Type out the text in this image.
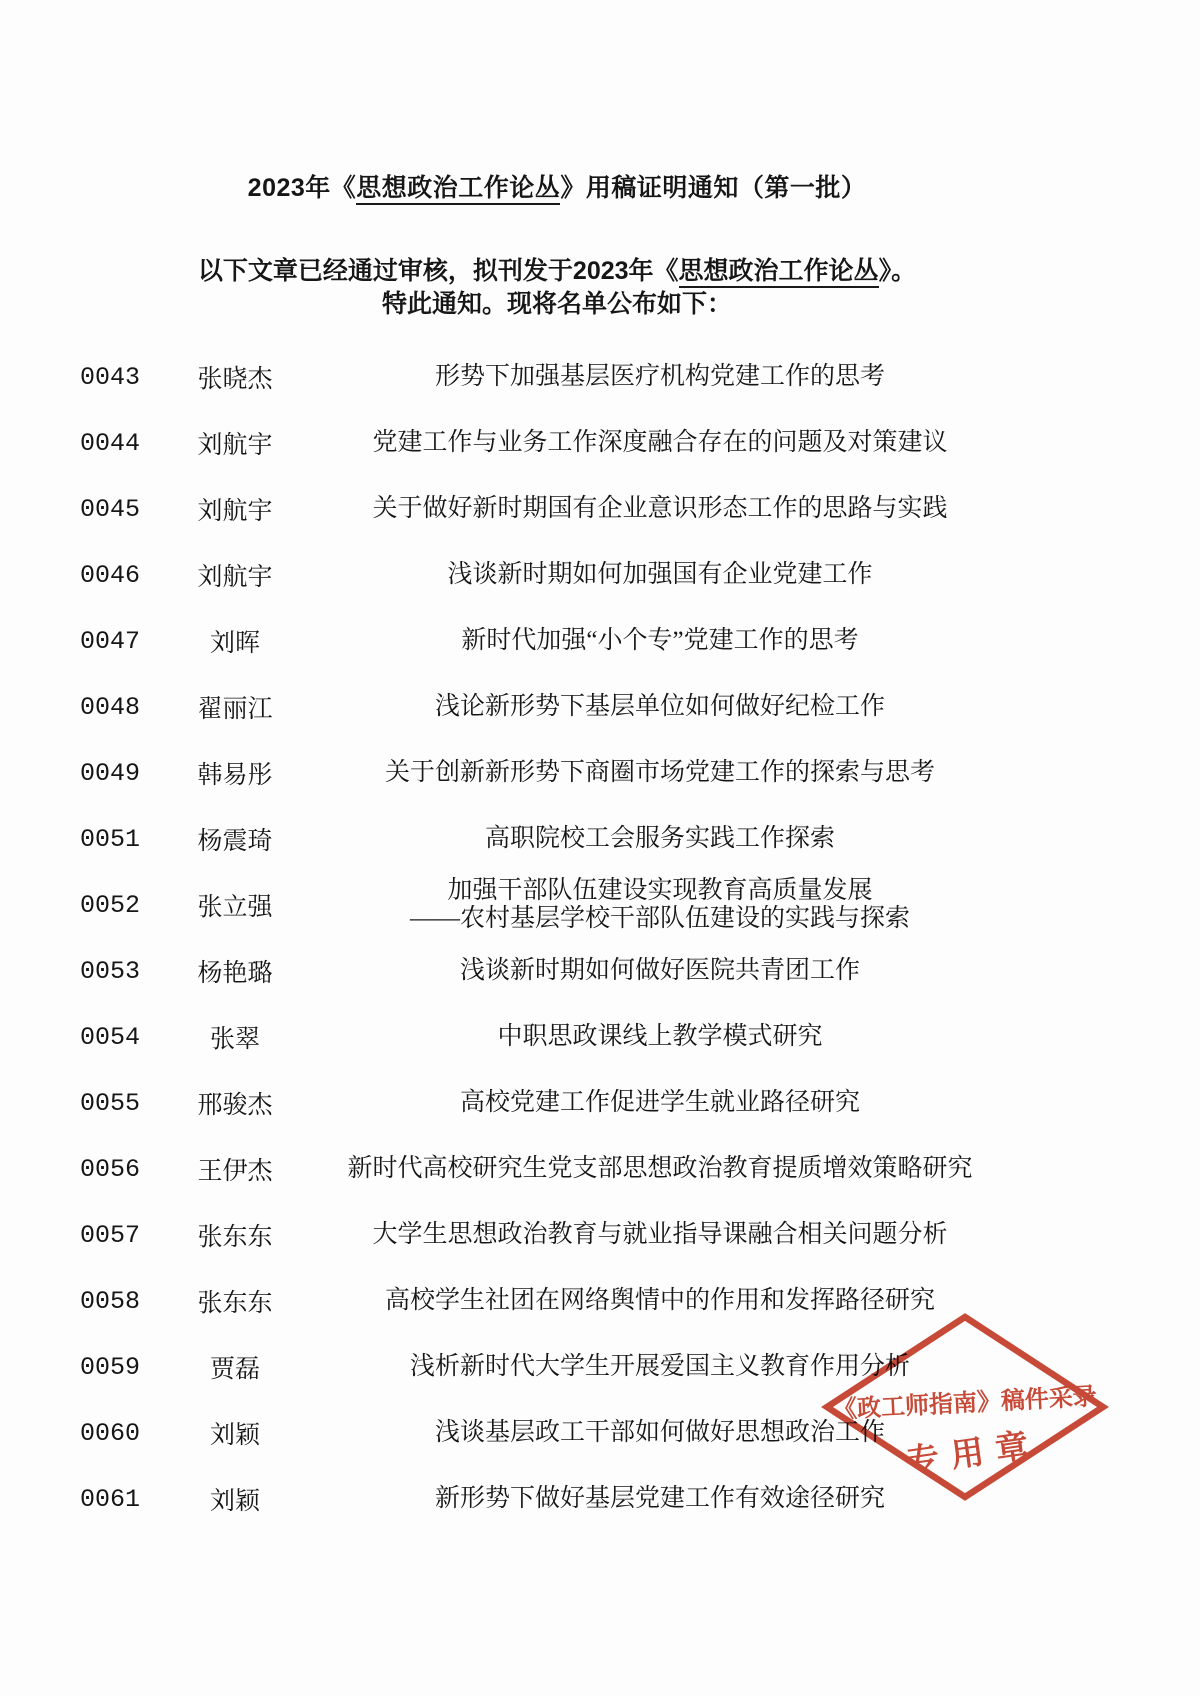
2023年《思想政治工作论丛》用稿证明通知（第一批）

以下文章已经通过审核，拟刊发于2023年《思想政治工作论丛》。
特此通知。现将名单公布如下：

0043	张晓杰	形势下加强基层医疗机构党建工作的思考
0044	刘航宇	党建工作与业务工作深度融合存在的问题及对策建议
0045	刘航宇	关于做好新时期国有企业意识形态工作的思路与实践
0046	刘航宇	浅谈新时期如何加强国有企业党建工作
0047	刘晖	新时代加强“小个专”党建工作的思考
0048	翟丽江	浅论新形势下基层单位如何做好纪检工作
0049	韩易彤	关于创新新形势下商圈市场党建工作的探索与思考
0051	杨震琦	高职院校工会服务实践工作探索
0052	张立强
加强干部队伍建设实现教育高质量发展
——农村基层学校干部队伍建设的实践与探索
0053	杨艳璐	浅谈新时期如何做好医院共青团工作
0054	张翠	中职思政课线上教学模式研究
0055	邢骏杰	高校党建工作促进学生就业路径研究
0056	王伊杰	新时代高校研究生党支部思想政治教育提质增效策略研究
0057	张东东	大学生思想政治教育与就业指导课融合相关问题分析
0058	张东东	高校学生社团在网络舆情中的作用和发挥路径研究
0059	贾磊	浅析新时代大学生开展爱国主义教育作用分析
0060	刘颖	浅谈基层政工干部如何做好思想政治工作
0061	刘颖	新形势下做好基层党建工作有效途径研究
《政工师指南》稿件采录
专用章
